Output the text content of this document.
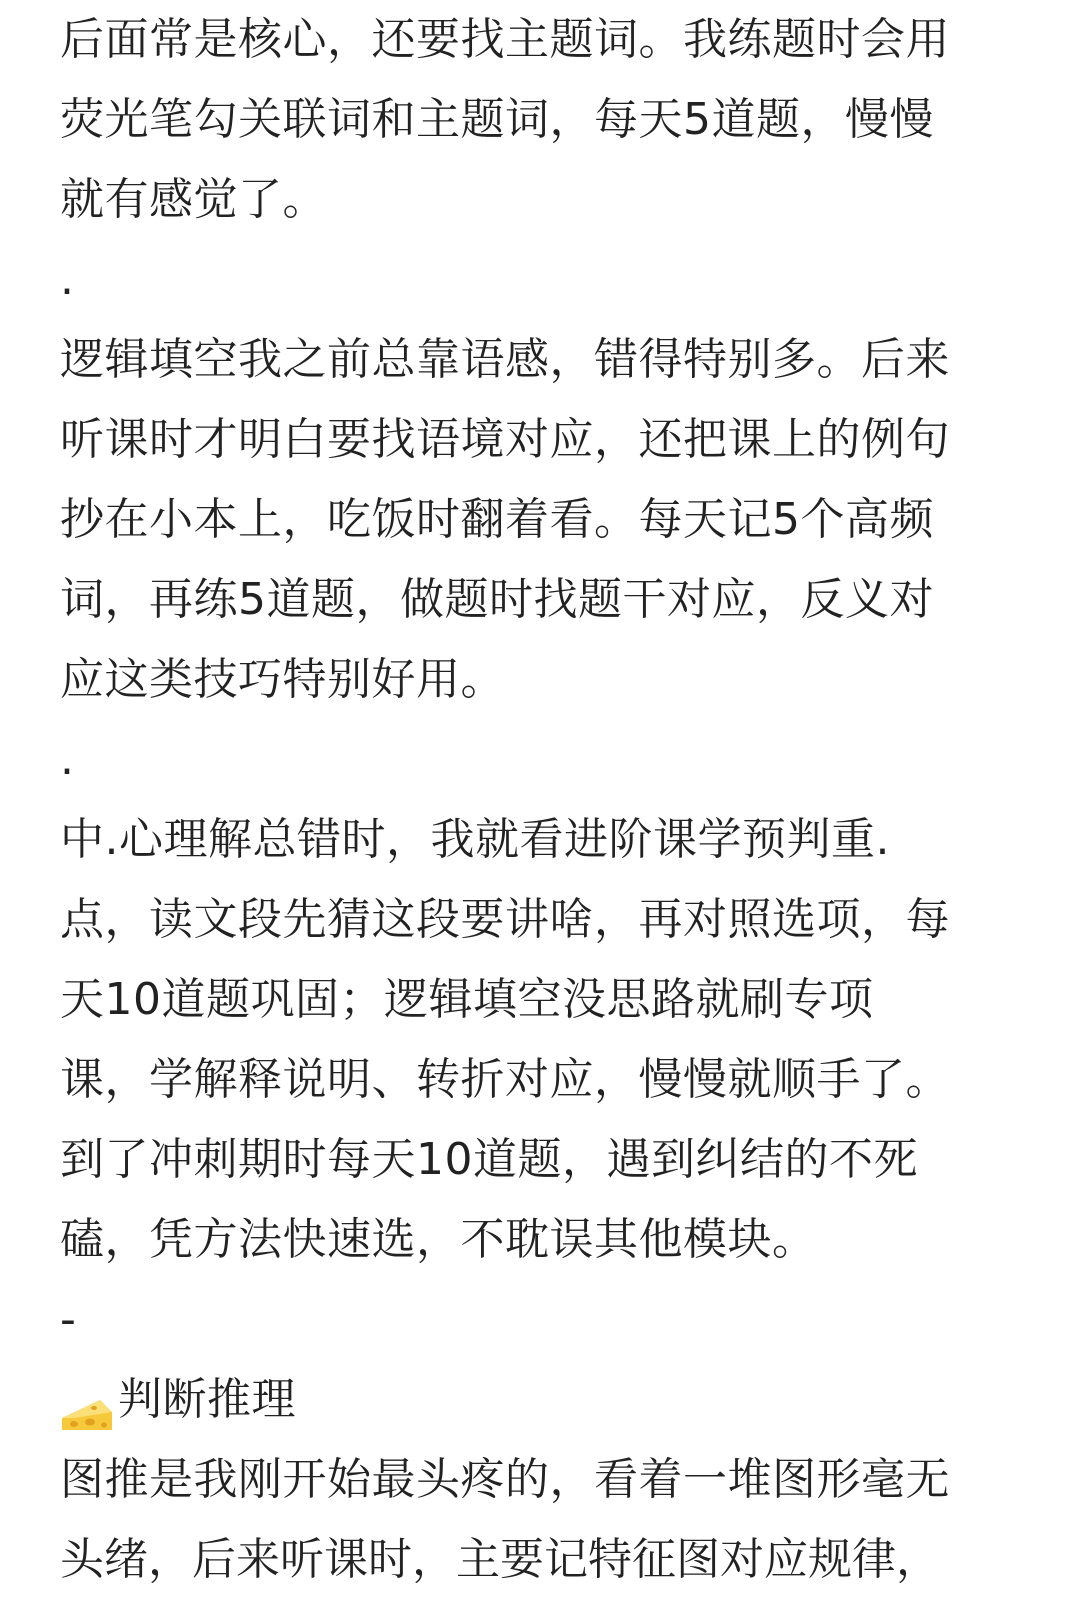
后面常是核心，还要找主题词。我练题时会用
荧光笔勾关联词和主题词，每天5道题，慢慢
就有感觉了。
.
逻辑填空我之前总靠语感，错得特别多。后来
听课时才明白要找语境对应，还把课上的例句
抄在小本上，吃饭时翻着看。每天记5个高频
词，再练5道题，做题时找题干对应，反义对
应这类技巧特别好用。
.
中.心理解总错时，我就看进阶课学预判重.
点，读文段先猜这段要讲啥，再对照选项，每
天10道题巩固；逻辑填空没思路就刷专项
课，学解释说明、转折对应，慢慢就顺手了。
到了冲刺期时每天10道题，遇到纠结的不死
磕，凭方法快速选，不耽误其他模块。
-
判断推理
图推是我刚开始最头疼的，看着一堆图形毫无
头绪，后来听课时，主要记特征图对应规律，
